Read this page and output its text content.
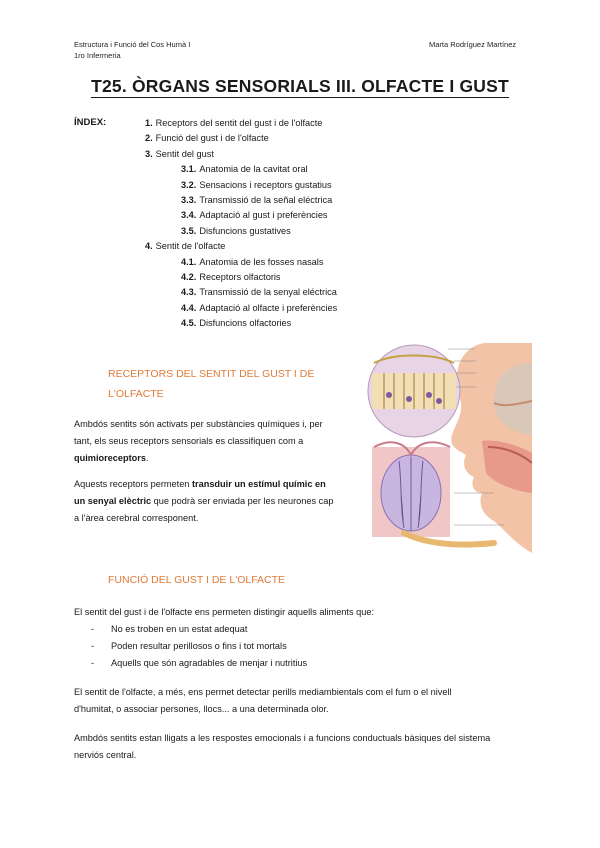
Estructura i Funció del Cos Humà I
1ro Infermeria
Marta Rodríguez Martínez
T25. ÒRGANS SENSORIALS III. OLFACTE I GUST
ÍNDEX:	1. Receptors del sentit del gust i de l'olfacte
2. Funció del gust i de l'olfacte
3. Sentit del gust
3.1. Anatomia de la cavitat oral
3.2. Sensacions i receptors gustatius
3.3. Transmissió de la señal eléctrica
3.4. Adaptació al gust i preferències
3.5. Disfuncions gustatives
4. Sentit de l'olfacte
4.1. Anatomia de les fosses nasals
4.2. Receptors olfactoris
4.3. Transmissió de la senyal eléctrica
4.4. Adaptació al olfacte i preferències
4.5. Disfuncions olfactories
RECEPTORS DEL SENTIT DEL GUST I DE
L'OLFACTE
Ambdós sentits són activats per substàncies químiques i, per
tant, els seus receptors sensorials es classifiquen com a
quimioreceptors.
Aquests receptors permeten transduir un estímul químic en
un senyal elèctric que podrà ser enviada per les neurones cap
a l'àrea cerebral corresponent.
FUNCIÓ DEL GUST I DE L'OLFACTE
El sentit del gust i de l'olfacte ens permeten distingir aquells aliments que:
- No es troben en un estat adequat
- Poden resultar perillosos o fins i tot mortals
- Aquells que són agradables de menjar i nutritius
El sentit de l'olfacte, a més, ens permet detectar perills mediambientals com el fum o el nivell
d'humitat, o associar persones, llocs... a una determinada olor.
Ambdós sentits estan lligats a les respostes emocionals i a funcions conductuals bàsiques del sistema
nerviós central.
